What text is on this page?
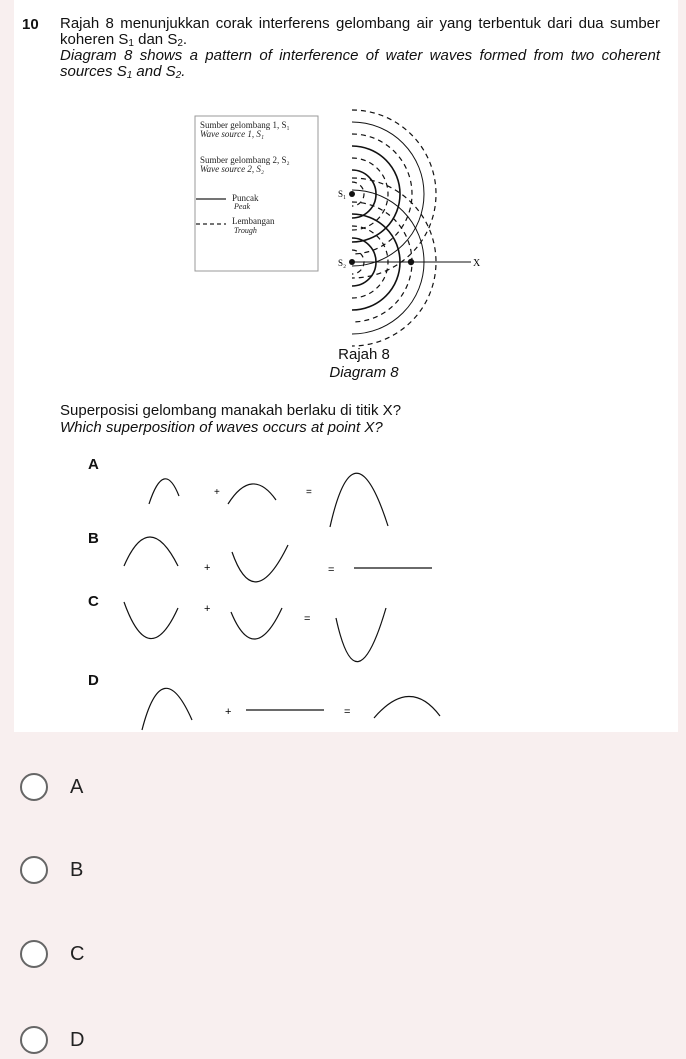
10 Rajah 8 menunjukkan corak interferens gelombang air yang terbentuk dari dua sumber koheren $S_1$ dan $S_2$.
Diagram 8 shows a pattern of interference of water waves formed from two coherent sources $S_1$ and $S_2$.
Sumber gelombang 1, S₁
Wave source 1, S₁
Sumber gelombang 2, S₂
Wave source 2, S₂
Puncak
Peak
Lembangan
Trough
S₁
S₂	X
+	=
+	=
+
=
+	=
Rajah 8
Diagram 8
Superposisi gelombang manakah berlaku di titik X?
Which superposition of waves occurs at point X?
A
B
C
D
A
B
C
D
